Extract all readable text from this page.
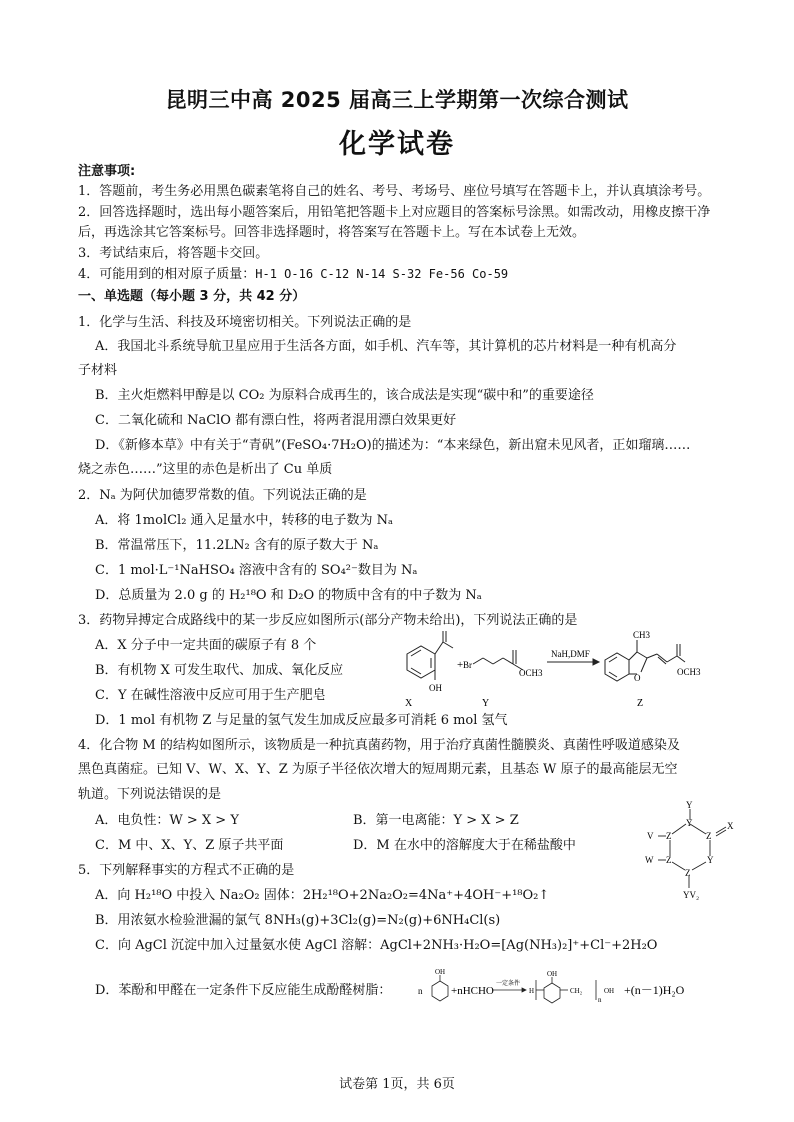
昆明三中高 2025 届高三上学期第一次综合测试
化学试卷
注意事项:
1．答题前，考生务必用黑色碳素笔将自己的姓名、考号、考场号、座位号填写在答题卡上，并认真填涂考号。
2．回答选择题时，选出每小题答案后，用铅笔把答题卡上对应题目的答案标号涂黑。如需改动，用橡皮擦干净
后，再选涂其它答案标号。回答非选择题时，将答案写在答题卡上。写在本试卷上无效。
3．考试结束后，将答题卡交回。
4．可能用到的相对原子质量：H-1 O-16 C-12 N-14 S-32 Fe-56 Co-59
一、单选题（每小题 3 分，共 42 分）
1．化学与生活、科技及环境密切相关。下列说法正确的是
A．我国北斗系统导航卫星应用于生活各方面，如手机、汽车等，其计算机的芯片材料是一种有机高分
子材料
B．主火炬燃料甲醇是以 CO₂ 为原料合成再生的，该合成法是实现“碳中和”的重要途径
C．二氧化硫和 NaClO 都有漂白性，将两者混用漂白效果更好
D．《新修本草》中有关于“青矾”(FeSO₄·7H₂O)的描述为：“本来绿色，新出窟未见风者，正如瑠璃……
烧之赤色……”这里的赤色是析出了 Cu 单质
2．Nₐ 为阿伏加德罗常数的值。下列说法正确的是
A．将 1molCl₂ 通入足量水中，转移的电子数为 Nₐ
B．常温常压下，11.2LN₂ 含有的原子数大于 Nₐ
C．1 mol·L⁻¹NaHSO₄ 溶液中含有的 SO₄²⁻数目为 Nₐ
D．总质量为 2.0 g 的 H₂¹⁸O 和 D₂O 的物质中含有的中子数为 Nₐ
3．药物异搏定合成路线中的某一步反应如图所示(部分产物未给出)，下列说法正确的是
A．X 分子中一定共面的碳原子有 8 个
B．有机物 X 可发生取代、加成、氧化反应
C．Y 在碱性溶液中反应可用于生产肥皂
D．1 mol 有机物 Z 与足量的氢气发生加成反应最多可消耗 6 mol 氢气
OH
+ Br
OCH3
NaH,DMF
CH3
O
OCH3
X	Y	Z
4．化合物 M 的结构如图所示，该物质是一种抗真菌药物，用于治疗真菌性髓膜炎、真菌性呼吸道感染及
黑色真菌症。已知 V、W、X、Y、Z 为原子半径依次增大的短周期元素，且基态 W 原子的最高能层无空
轨道。下列说法错误的是
A．电负性：W > X > Y	B．第一电离能：Y > X > Z
C．M 中、X、Y、Z 原子共平面	D．M 在水中的溶解度大于在稀盐酸中
Y
Y
Z
X
Y
Z
Z
Z
V
W
YV₂
5．下列解释事实的方程式不正确的是
A．向 H₂¹⁸O 中投入 Na₂O₂ 固体：2H₂¹⁸O+2Na₂O₂=4Na⁺+4OH⁻+¹⁸O₂↑
B．用浓氨水检验泄漏的氯气 8NH₃(g)+3Cl₂(g)=N₂(g)+6NH₄Cl(s)
C．向 AgCl 沉淀中加入过量氨水使 AgCl 溶解：AgCl+2NH₃·H₂O=[Ag(NH₃)₂]⁺+Cl⁻+2H₂O
D．苯酚和甲醛在一定条件下反应能生成酚醛树脂：	n
OH
+nHCHO
一定条件
H
OH
CH₂
n
OH +(n－1)H₂O
试卷第 1页，共 6页
